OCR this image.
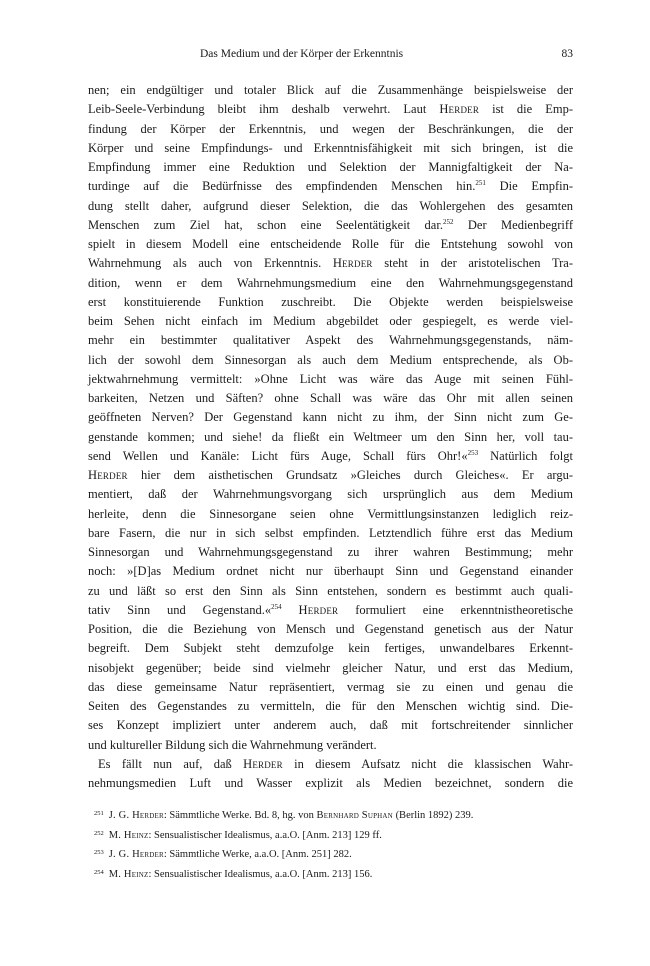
Das Medium und der Körper der Erkenntnis	83

nen; ein endgültiger und totaler Blick auf die Zusammenhänge beispielsweise der
Leib-Seele-Verbindung bleibt ihm deshalb verwehrt. Laut Herder ist die Emp-
findung der Körper der Erkenntnis, und wegen der Beschränkungen, die der
Körper und seine Empfindungs- und Erkenntnisfähigkeit mit sich bringen, ist die
Empfindung immer eine Reduktion und Selektion der Mannigfaltigkeit der Na-
turdinge auf die Bedürfnisse des empfindenden Menschen hin.$^{251}$ Die Empfin-
dung stellt daher, aufgrund dieser Selektion, die das Wohlergehen des gesamten
Menschen zum Ziel hat, schon eine Seelentätigkeit dar.$^{252}$ Der Medienbegriff
spielt in diesem Modell eine entscheidende Rolle für die Entstehung sowohl von
Wahrnehmung als auch von Erkenntnis. Herder steht in der aristotelischen Tra-
dition, wenn er dem Wahrnehmungsmedium eine den Wahrnehmungsgegenstand
erst konstituierende Funktion zuschreibt. Die Objekte werden beispielsweise
beim Sehen nicht einfach im Medium abgebildet oder gespiegelt, es werde viel-
mehr ein bestimmter qualitativer Aspekt des Wahrnehmungsgegenstands, näm-
lich der sowohl dem Sinnesorgan als auch dem Medium entsprechende, als Ob-
jektwahrnehmung vermittelt: »Ohne Licht was wäre das Auge mit seinen Fühl-
barkeiten, Netzen und Säften? ohne Schall was wäre das Ohr mit allen seinen
geöffneten Nerven? Der Gegenstand kann nicht zu ihm, der Sinn nicht zum Ge-
genstande kommen; und siehe! da fließt ein Weltmeer um den Sinn her, voll tau-
send Wellen und Kanäle: Licht fürs Auge, Schall fürs Ohr!«$^{253}$ Natürlich folgt
Herder hier dem aisthetischen Grundsatz »Gleiches durch Gleiches«. Er argu-
mentiert, daß der Wahrnehmungsvorgang sich ursprünglich aus dem Medium
herleite, denn die Sinnesorgane seien ohne Vermittlungsinstanzen lediglich reiz-
bare Fasern, die nur in sich selbst empfinden. Letztendlich führe erst das Medium
Sinnesorgan und Wahrnehmungsgegenstand zu ihrer wahren Bestimmung; mehr
noch: »[D]as Medium ordnet nicht nur überhaupt Sinn und Gegenstand einander
zu und läßt so erst den Sinn als Sinn entstehen, sondern es bestimmt auch quali-
tativ Sinn und Gegenstand.«$^{254}$ Herder formuliert eine erkenntnistheoretische
Position, die die Beziehung von Mensch und Gegenstand genetisch aus der Natur
begreift. Dem Subjekt steht demzufolge kein fertiges, unwandelbares Erkennt-
nisobjekt gegenüber; beide sind vielmehr gleicher Natur, und erst das Medium,
das diese gemeinsame Natur repräsentiert, vermag sie zu einen und genau die
Seiten des Gegenstandes zu vermitteln, die für den Menschen wichtig sind. Die-
ses Konzept impliziert unter anderem auch, daß mit fortschreitender sinnlicher
und kultureller Bildung sich die Wahrnehmung verändert.

Es fällt nun auf, daß Herder in diesem Aufsatz nicht die klassischen Wahr-
nehmungsmedien Luft und Wasser explizit als Medien bezeichnet, sondern die

$^{251}$ J. G. Herder: Sämmtliche Werke. Bd. 8, hg. von Bernhard Suphan (Berlin 1892) 239.
$^{252}$ M. Heinz: Sensualistischer Idealismus, a.a.O. [Anm. 213] 129 ff.
$^{253}$ J. G. Herder: Sämmtliche Werke, a.a.O. [Anm. 251] 282.
$^{254}$ M. Heinz: Sensualistischer Idealismus, a.a.O. [Anm. 213] 156.
